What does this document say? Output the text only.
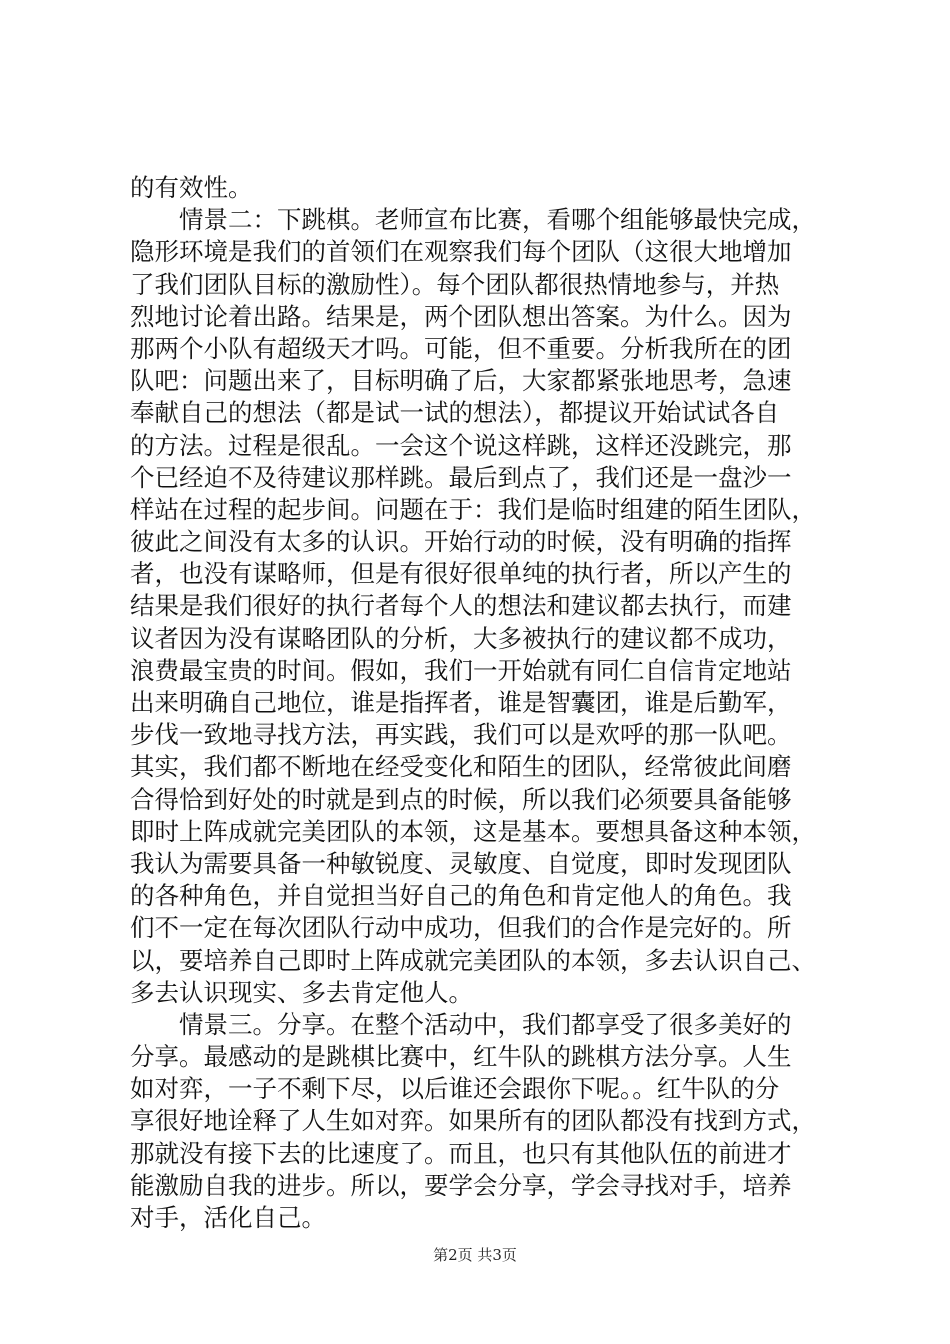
的有效性。
情景二：下跳棋。老师宣布比赛，看哪个组能够最快完成，
隐形环境是我们的首领们在观察我们每个团队（这很大地增加
了我们团队目标的激励性）。每个团队都很热情地参与，并热
烈地讨论着出路。结果是，两个团队想出答案。为什么。因为
那两个小队有超级天才吗。可能，但不重要。分析我所在的团
队吧：问题出来了，目标明确了后，大家都紧张地思考，急速
奉献自己的想法（都是试一试的想法），都提议开始试试各自
的方法。过程是很乱。一会这个说这样跳，这样还没跳完，那
个已经迫不及待建议那样跳。最后到点了，我们还是一盘沙一
样站在过程的起步间。问题在于：我们是临时组建的陌生团队，
彼此之间没有太多的认识。开始行动的时候，没有明确的指挥
者，也没有谋略师，但是有很好很单纯的执行者，所以产生的
结果是我们很好的执行者每个人的想法和建议都去执行，而建
议者因为没有谋略团队的分析，大多被执行的建议都不成功，
浪费最宝贵的时间。假如，我们一开始就有同仁自信肯定地站
出来明确自己地位，谁是指挥者，谁是智囊团，谁是后勤军，
步伐一致地寻找方法，再实践，我们可以是欢呼的那一队吧。
其实，我们都不断地在经受变化和陌生的团队，经常彼此间磨
合得恰到好处的时就是到点的时候，所以我们必须要具备能够
即时上阵成就完美团队的本领，这是基本。要想具备这种本领，
我认为需要具备一种敏锐度、灵敏度、自觉度，即时发现团队
的各种角色，并自觉担当好自己的角色和肯定他人的角色。我
们不一定在每次团队行动中成功，但我们的合作是完好的。所
以，要培养自己即时上阵成就完美团队的本领，多去认识自己、
多去认识现实、多去肯定他人。
情景三。分享。在整个活动中，我们都享受了很多美好的
分享。最感动的是跳棋比赛中，红牛队的跳棋方法分享。人生
如对弈，一子不剩下尽，以后谁还会跟你下呢。。红牛队的分
享很好地诠释了人生如对弈。如果所有的团队都没有找到方式，
那就没有接下去的比速度了。而且，也只有其他队伍的前进才
能激励自我的进步。所以，要学会分享，学会寻找对手，培养
对手，活化自己。
第2页 共3页
